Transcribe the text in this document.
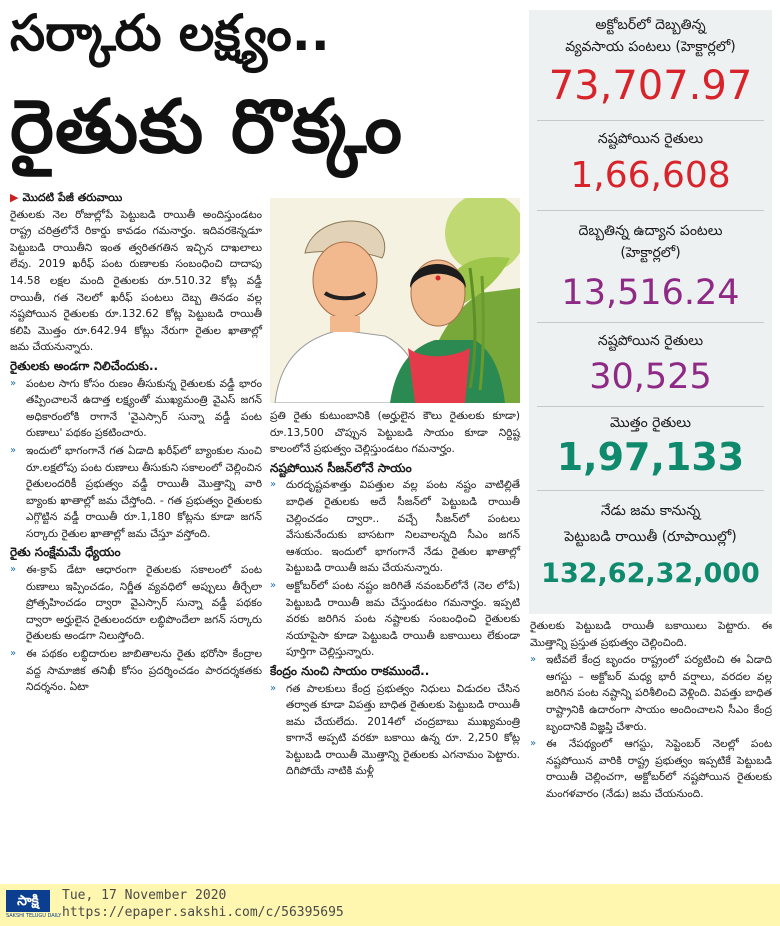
సర్కారు లక్ష్యం..
రైతుకు రొక్కం
▶ మొదటి పేజీ తరువాయి

రైతులకు నెల రోజుల్లోపే పెట్టుబడి రాయితీ అందిస్తుండటం రాష్ట్ర చరిత్రలోనే రికార్డు కావడం గమనార్హం. ఇదివరకెన్నడూ పెట్టుబడి రాయితీని ఇంత త్వరితగతిన ఇచ్చిన దాఖలాలు లేవు. 2019 ఖరీఫ్ పంట రుణాలకు సంబంధించి దాదాపు 14.58 లక్షల మంది రైతులకు రూ.510.32 కోట్ల వడ్డీ రాయితీ, గత నెలలో ఖరీఫ్ పంటలు దెబ్బ తినడం వల్ల నష్టపోయిన రైతులకు రూ.132.62 కోట్ల పెట్టుబడి రాయితీ కలిపి మొత్తం రూ.642.94 కోట్లు నేరుగా రైతుల ఖాతాల్లో జమ చేయనున్నారు.

రైతులకు అండగా నిలిచేందుకు..
» పంటల సాగు కోసం రుణం తీసుకున్న రైతులకు వడ్డీ భారం తప్పించాలనే ఉదాత్త లక్ష్యంతో ముఖ్యమంత్రి వైఎస్ జగన్ అధికారంలోకి రాగానే 'వైఎస్సార్ సున్నా వడ్డీ పంట రుణాలు' పథకం ప్రకటించారు.
» ఇందులో భాగంగానే గత ఏడాది ఖరీఫ్‌లో బ్యాంకుల నుంచి రూ.లక్షలోపు పంట రుణాలు తీసుకుని సకాలంలో చెల్లించిన రైతులందరికీ ప్రభుత్వం వడ్డీ రాయితీ మొత్తాన్ని వారి బ్యాంకు ఖాతాల్లో జమ చేస్తోంది. - గత ప్రభుత్వం రైతులకు ఎగ్గొట్టిన వడ్డీ రాయితీ రూ.1,180 కోట్లను కూడా జగన్ సర్కారు రైతుల ఖాతాల్లో జమ చేస్తూ వస్తోంది.
రైతు సంక్షేమమే ధ్యేయం
» ఈ-క్రాప్ డేటా ఆధారంగా రైతులకు సకాలంలో పంట రుణాలు ఇప్పించడం, నిర్ణీత వ్యవధిలో అప్పులు తీర్చేలా ప్రోత్సహించడం ద్వారా వైఎస్సార్ సున్నా వడ్డీ పథకం ద్వారా అర్హులైన రైతులందరూ లబ్ధిపొందేలా జగన్ సర్కారు రైతులకు అండగా నిలుస్తోంది.
» ఈ పథకం లబ్ధిదారుల జాబితాలను రైతు భరోసా కేంద్రాల వద్ద సామాజిక తనిఖీ కోసం ప్రదర్శించడం పారదర్శకతకు నిదర్శనం. ఏటా

ప్రతి రైతు కుటుంబానికి (అర్హులైన కౌలు రైతులకు కూడా) రూ.13,500 చొప్పున పెట్టుబడి సాయం కూడా నిర్దిష్ట కాలంలోనే ప్రభుత్వం చెల్లిస్తుండటం గమనార్హం.

నష్టపోయిన సీజన్‌లోనే సాయం
» దురదృష్టవశాత్తు విపత్తుల వల్ల పంట నష్టం వాటిల్లితే బాధిత రైతులకు అదే సీజన్‌లో పెట్టుబడి రాయితీ చెల్లించడం ద్వారా.. వచ్చే సీజన్‌లో పంటలు వేసుకునేందుకు బాసటగా నిలవాలన్నది సీఎం జగన్ ఆశయం. ఇందులో భాగంగానే నేడు రైతుల ఖాతాల్లో పెట్టుబడి రాయితీ జమ చేయనున్నారు.
» అక్టోబర్‌లో పంట నష్టం జరిగితే నవంబర్‌లోనే (నెల లోపే) పెట్టుబడి రాయితీ జమ చేస్తుండటం గమనార్హం. ఇప్పటి వరకు జరిగిన పంట నష్టాలకు సంబంధించి రైతులకు నయాపైసా కూడా పెట్టుబడి రాయితీ బకాయిలు లేకుండా పూర్తిగా చెల్లిస్తున్నారు.
కేంద్రం నుంచి సాయం రాకముందే..
» గత పాలకులు కేంద్ర ప్రభుత్వం నిధులు విడుదల చేసిన తర్వాత కూడా విపత్తు బాధిత రైతులకు పెట్టుబడి రాయితీ జమ చేయలేదు. 2014లో చంద్రబాబు ముఖ్యమంత్రి కాగానే అప్పటి వరకూ బకాయి ఉన్న రూ. 2,250 కోట్ల పెట్టుబడి రాయితీ మొత్తాన్ని రైతులకు ఎగనామం పెట్టారు. దిగిపోయే నాటికి మళ్లీ
అక్టోబర్‌లో దెబ్బతిన్న
వ్యవసాయ పంటలు (హెక్టార్లలో)
73,707.97
నష్టపోయిన రైతులు
1,66,608
దెబ్బతిన్న ఉద్యాన పంటలు
(హెక్టార్లలో)
13,516.24
నష్టపోయిన రైతులు
30,525
మొత్తం రైతులు
1,97,133
నేడు జమ కానున్న
పెట్టుబడి రాయితీ (రూపాయిల్లో)
132,62,32,000

రైతులకు పెట్టుబడి రాయితీ బకాయిలు పెట్టారు. ఈ మొత్తాన్ని ప్రస్తుత ప్రభుత్వం చెల్లించింది.

» ఇటీవలే కేంద్ర బృందం రాష్ట్రంలో పర్యటించి ఈ ఏడాది ఆగస్టు – అక్టోబర్ మధ్య భారీ వర్షాలు, వరదల వల్ల జరిగిన పంట నష్టాన్ని పరిశీలించి వెళ్లింది. విపత్తు బాధిత రాష్ట్రానికి ఉదారంగా సాయం అందించాలని సీఎం కేంద్ర బృందానికి విజ్ఞప్తి చేశారు.
» ఈ నేపథ్యంలో ఆగస్టు, సెప్టెంబర్ నెలల్లో పంట నష్టపోయిన వారికి రాష్ట్ర ప్రభుత్వం ఇప్పటికే పెట్టుబడి రాయితీ చెల్లించగా, అక్టోబర్‌లో నష్టపోయిన రైతులకు మంగళవారం (నేడు) జమ చేయనుంది.
సాక్షి
SAKSHI TELUGU DAILY
Tue, 17 November 2020
https://epaper.sakshi.com/c/56395695
